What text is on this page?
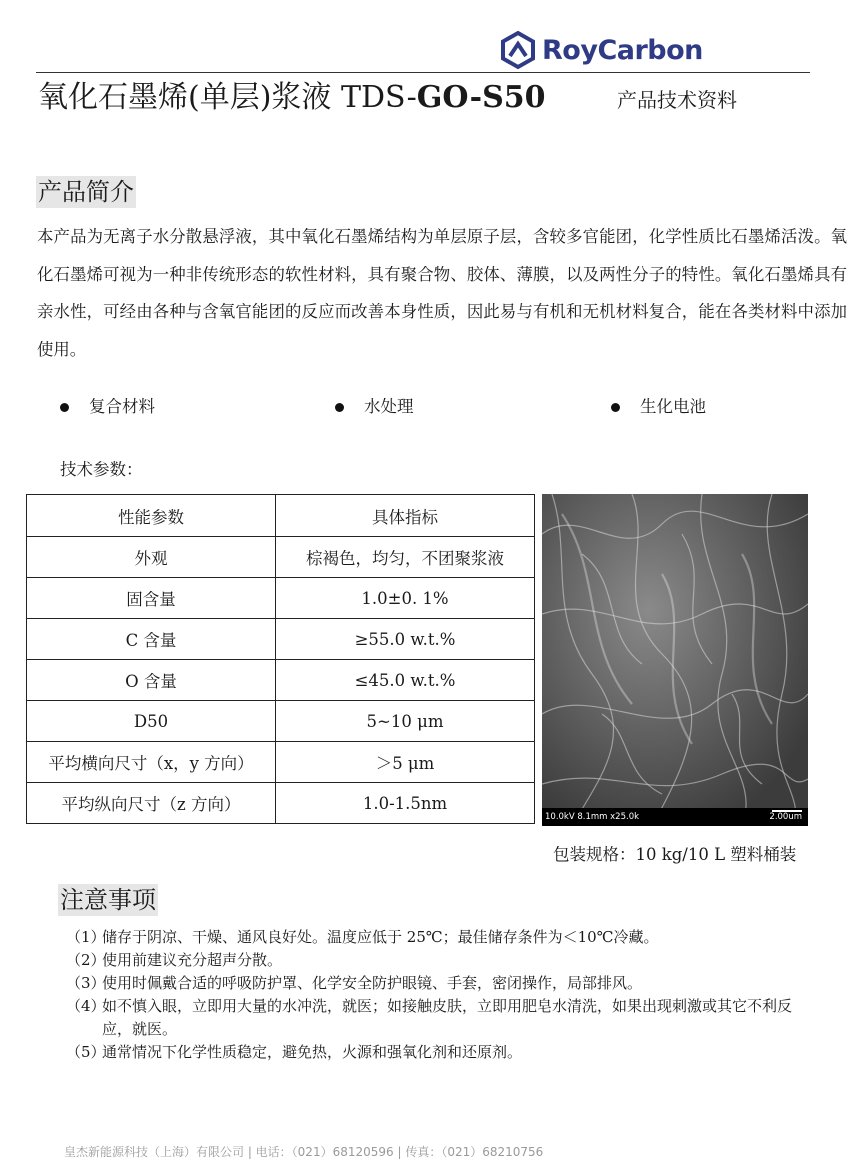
RoyCarbon
氧化石墨烯(单层)浆液 TDS-GO-S50	产品技术资料
产品简介
本产品为无离子水分散悬浮液，其中氧化石墨烯结构为单层原子层，含较多官能团，化学性质比石墨烯活泼。氧化石墨烯可视为一种非传统形态的软性材料，具有聚合物、胶体、薄膜，以及两性分子的特性。氧化石墨烯具有亲水性，可经由各种与含氧官能团的反应而改善本身性质，因此易与有机和无机材料复合，能在各类材料中添加使用。
复合材料	水处理	生化电池
技术参数：
性能参数	具体指标
外观	棕褐色，均匀，不团聚浆液
固含量	1.0±0. 1%
C 含量	≥55.0 w.t.%
O 含量	≤45.0 w.t.%
D50	5~10 μm
平均横向尺寸（x，y 方向）	＞5 μm
平均纵向尺寸（z 方向）	1.0-1.5nm
10.0kV 8.1mm x25.0k	2.00um
包装规格：10 kg/10 L 塑料桶装
注意事项
（1）
储存于阴凉、干燥、通风良好处。温度应低于 25℃；最佳储存条件为＜10℃冷藏。
（2）
使用前建议充分超声分散。
（3）
使用时佩戴合适的呼吸防护罩、化学安全防护眼镜、手套，密闭操作，局部排风。
（4）
如不慎入眼，立即用大量的水冲洗，就医；如接触皮肤，立即用肥皂水清洗，如果出现刺激或其它不利反应，就医。
（5）
通常情况下化学性质稳定，避免热，火源和强氧化剂和还原剂。
皇杰新能源科技（上海）有限公司 | 电话：（021）68120596 | 传真：（021）68210756
